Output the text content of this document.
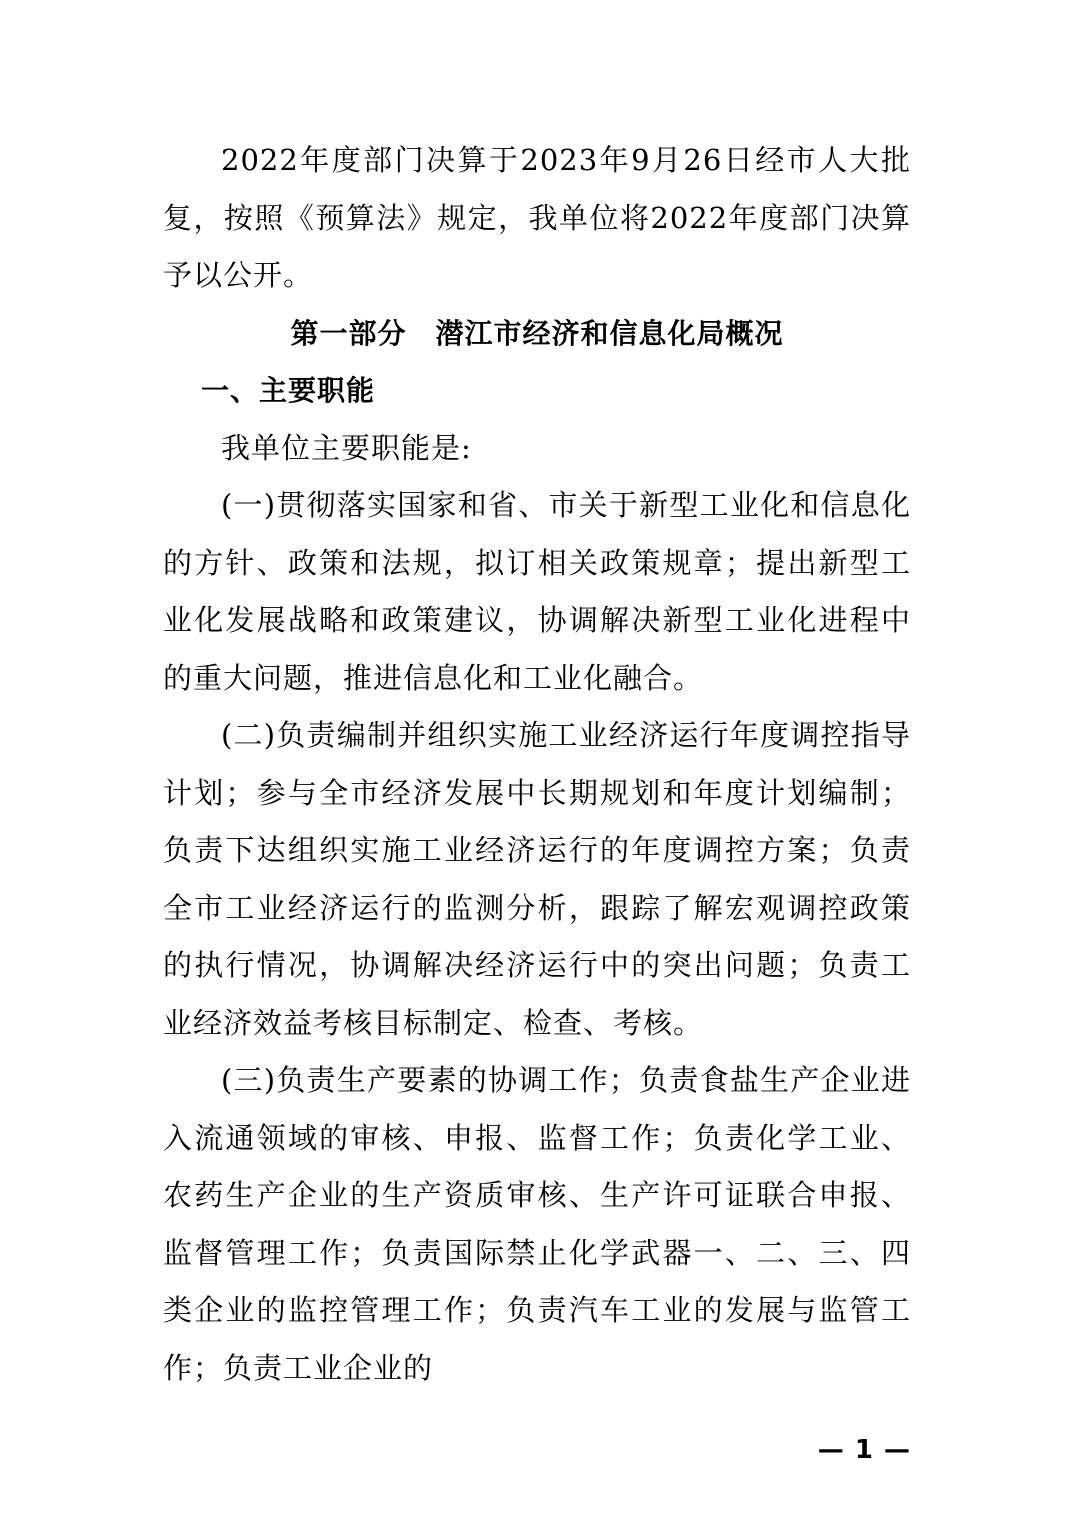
2022年度部门决算于2023年9月26日经市人大批复，按照《预算法》规定，我单位将2022年度部门决算予以公开。

第一部分　潜江市经济和信息化局概况

一、主要职能

我单位主要职能是:

(一)贯彻落实国家和省、市关于新型工业化和信息化的方针、政策和法规，拟订相关政策规章；提出新型工业化发展战略和政策建议，协调解决新型工业化进程中的重大问题，推进信息化和工业化融合。

(二)负责编制并组织实施工业经济运行年度调控指导计划；参与全市经济发展中长期规划和年度计划编制；负责下达组织实施工业经济运行的年度调控方案；负责全市工业经济运行的监测分析，跟踪了解宏观调控政策的执行情况，协调解决经济运行中的突出问题；负责工业经济效益考核目标制定、检查、考核。

(三)负责生产要素的协调工作；负责食盐生产企业进入流通领域的审核、申报、监督工作；负责化学工业、农药生产企业的生产资质审核、生产许可证联合申报、监督管理工作；负责国际禁止化学武器一、二、三、四类企业的监控管理工作；负责汽车工业的发展与监管工作；负责工业企业的

— 1 —
